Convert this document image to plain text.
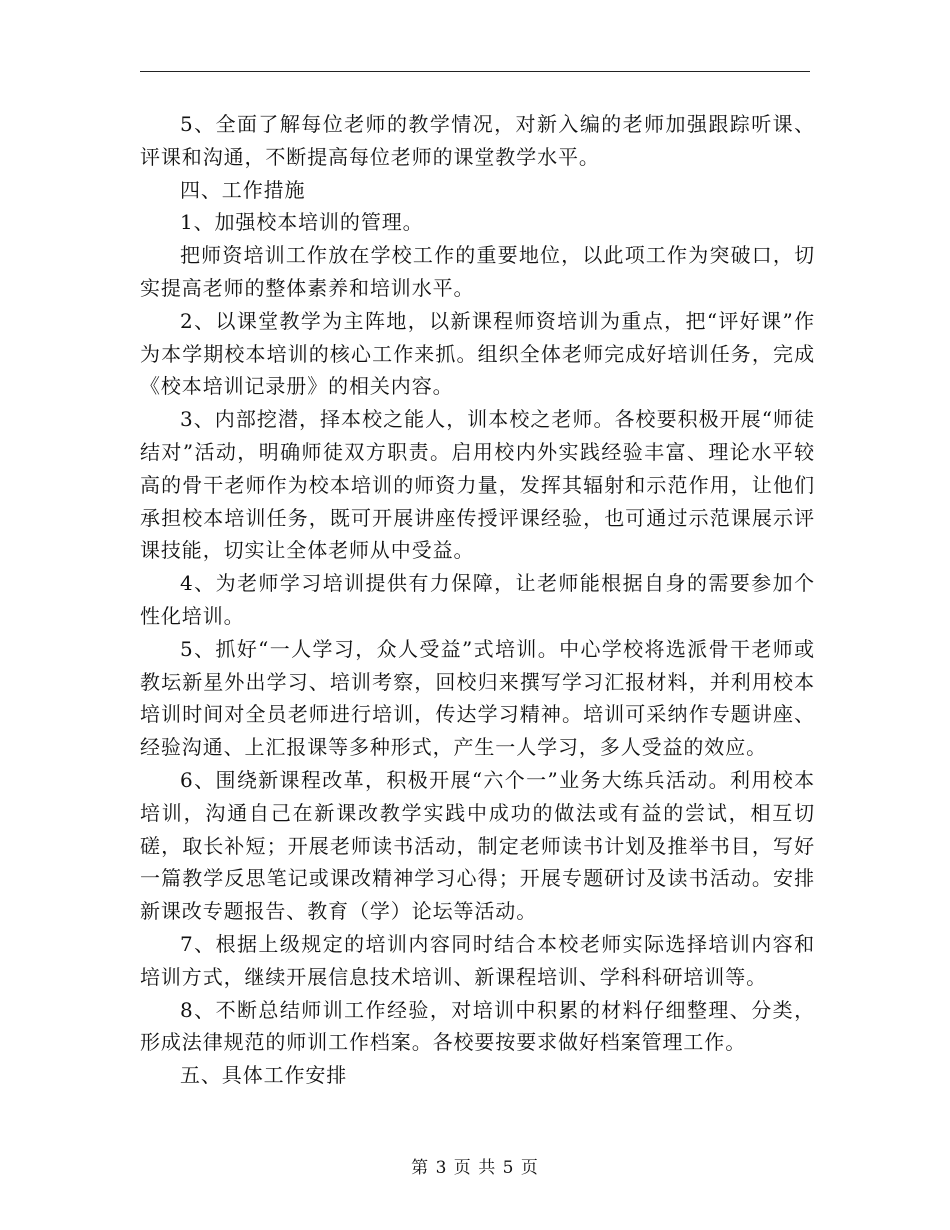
5、全面了解每位老师的教学情况，对新入编的老师加强跟踪听课、评课和沟通，不断提高每位老师的课堂教学水平。

四、工作措施

1、加强校本培训的管理。

把师资培训工作放在学校工作的重要地位，以此项工作为突破口，切实提高老师的整体素养和培训水平。

2、以课堂教学为主阵地，以新课程师资培训为重点，把“评好课”作为本学期校本培训的核心工作来抓。组织全体老师完成好培训任务，完成《校本培训记录册》的相关内容。

3、内部挖潜，择本校之能人，训本校之老师。各校要积极开展“师徒结对”活动，明确师徒双方职责。启用校内外实践经验丰富、理论水平较高的骨干老师作为校本培训的师资力量，发挥其辐射和示范作用，让他们承担校本培训任务，既可开展讲座传授评课经验，也可通过示范课展示评课技能，切实让全体老师从中受益。

4、为老师学习培训提供有力保障，让老师能根据自身的需要参加个性化培训。

5、抓好“一人学习，众人受益”式培训。中心学校将选派骨干老师或教坛新星外出学习、培训考察，回校归来撰写学习汇报材料，并利用校本培训时间对全员老师进行培训，传达学习精神。培训可采纳作专题讲座、经验沟通、上汇报课等多种形式，产生一人学习，多人受益的效应。

6、围绕新课程改革，积极开展“六个一”业务大练兵活动。利用校本培训，沟通自己在新课改教学实践中成功的做法或有益的尝试，相互切磋，取长补短；开展老师读书活动，制定老师读书计划及推举书目，写好一篇教学反思笔记或课改精神学习心得；开展专题研讨及读书活动。安排新课改专题报告、教育（学）论坛等活动。

7、根据上级规定的培训内容同时结合本校老师实际选择培训内容和培训方式，继续开展信息技术培训、新课程培训、学科科研培训等。

8、不断总结师训工作经验，对培训中积累的材料仔细整理、分类，形成法律规范的师训工作档案。各校要按要求做好档案管理工作。

五、具体工作安排

第 3 页 共 5 页
